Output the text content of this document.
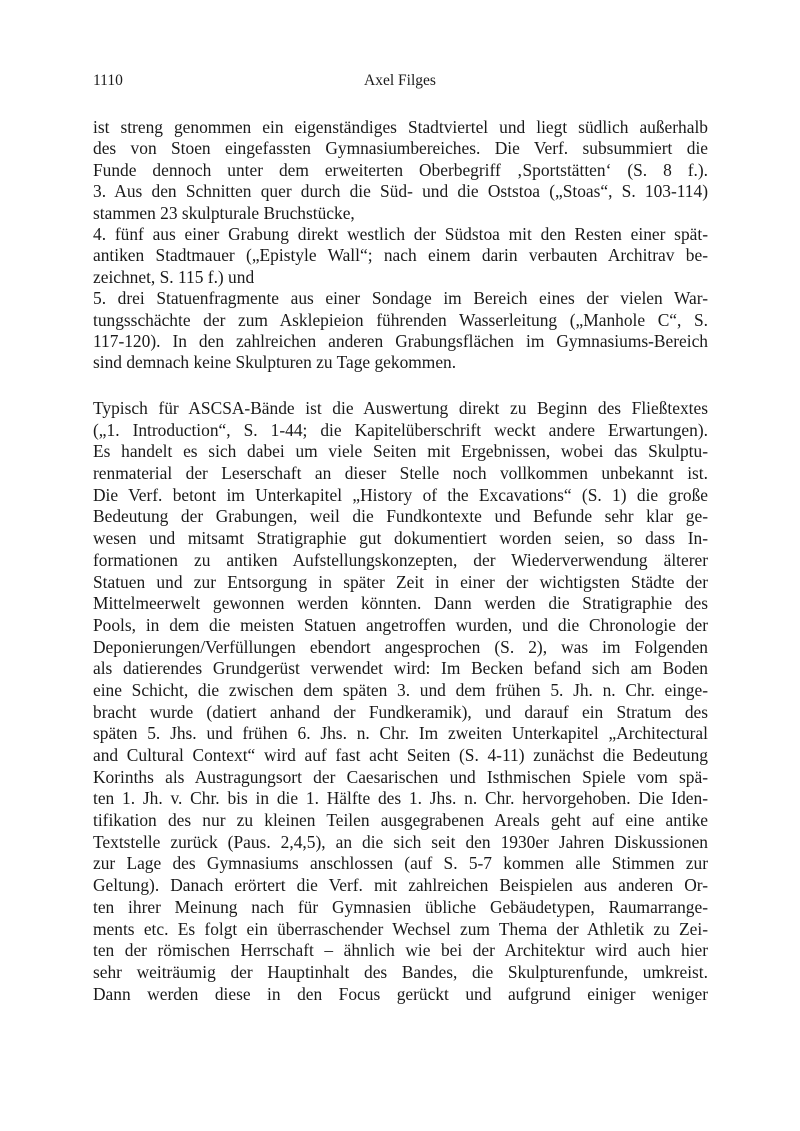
1110	Axel Filges
ist streng genommen ein eigenständiges Stadtviertel und liegt südlich außerhalb
des von Stoen eingefassten Gymnasiumbereiches. Die Verf. subsummiert die
Funde dennoch unter dem erweiterten Oberbegriff ‚Sportstätten‘ (S. 8 f.).
3. Aus den Schnitten quer durch die Süd- und die Oststoa („Stoas“, S. 103-114)
stammen 23 skulpturale Bruchstücke,
4. fünf aus einer Grabung direkt westlich der Südstoa mit den Resten einer spät-
antiken Stadtmauer („Epistyle Wall“; nach einem darin verbauten Architrav be-
zeichnet, S. 115 f.) und
5. drei Statuenfragmente aus einer Sondage im Bereich eines der vielen War-
tungsschächte der zum Asklepieion führenden Wasserleitung („Manhole C“, S.
117-120). In den zahlreichen anderen Grabungsflächen im Gymnasiums-Bereich
sind demnach keine Skulpturen zu Tage gekommen.
Typisch für ASCSA-Bände ist die Auswertung direkt zu Beginn des Fließtextes
(„1. Introduction“, S. 1-44; die Kapitelüberschrift weckt andere Erwartungen).
Es handelt es sich dabei um viele Seiten mit Ergebnissen, wobei das Skulptu-
renmaterial der Leserschaft an dieser Stelle noch vollkommen unbekannt ist.
Die Verf. betont im Unterkapitel „History of the Excavations“ (S. 1) die große
Bedeutung der Grabungen, weil die Fundkontexte und Befunde sehr klar ge-
wesen und mitsamt Stratigraphie gut dokumentiert worden seien, so dass In-
formationen zu antiken Aufstellungskonzepten, der Wiederverwendung älterer
Statuen und zur Entsorgung in später Zeit in einer der wichtigsten Städte der
Mittelmeerwelt gewonnen werden könnten. Dann werden die Stratigraphie des
Pools, in dem die meisten Statuen angetroffen wurden, und die Chronologie der
Deponierungen/Verfüllungen ebendort angesprochen (S. 2), was im Folgenden
als datierendes Grundgerüst verwendet wird: Im Becken befand sich am Boden
eine Schicht, die zwischen dem späten 3. und dem frühen 5. Jh. n. Chr. einge-
bracht wurde (datiert anhand der Fundkeramik), und darauf ein Stratum des
späten 5. Jhs. und frühen 6. Jhs. n. Chr. Im zweiten Unterkapitel „Architectural
and Cultural Context“ wird auf fast acht Seiten (S. 4-11) zunächst die Bedeutung
Korinths als Austragungsort der Caesarischen und Isthmischen Spiele vom spä-
ten 1. Jh. v. Chr. bis in die 1. Hälfte des 1. Jhs. n. Chr. hervorgehoben. Die Iden-
tifikation des nur zu kleinen Teilen ausgegrabenen Areals geht auf eine antike
Textstelle zurück (Paus. 2,4,5), an die sich seit den 1930er Jahren Diskussionen
zur Lage des Gymnasiums anschlossen (auf S. 5-7 kommen alle Stimmen zur
Geltung). Danach erörtert die Verf. mit zahlreichen Beispielen aus anderen Or-
ten ihrer Meinung nach für Gymnasien übliche Gebäudetypen, Raumarrange-
ments etc. Es folgt ein überraschender Wechsel zum Thema der Athletik zu Zei-
ten der römischen Herrschaft – ähnlich wie bei der Architektur wird auch hier
sehr weiträumig der Hauptinhalt des Bandes, die Skulpturenfunde, umkreist.
Dann werden diese in den Focus gerückt und aufgrund einiger weniger
